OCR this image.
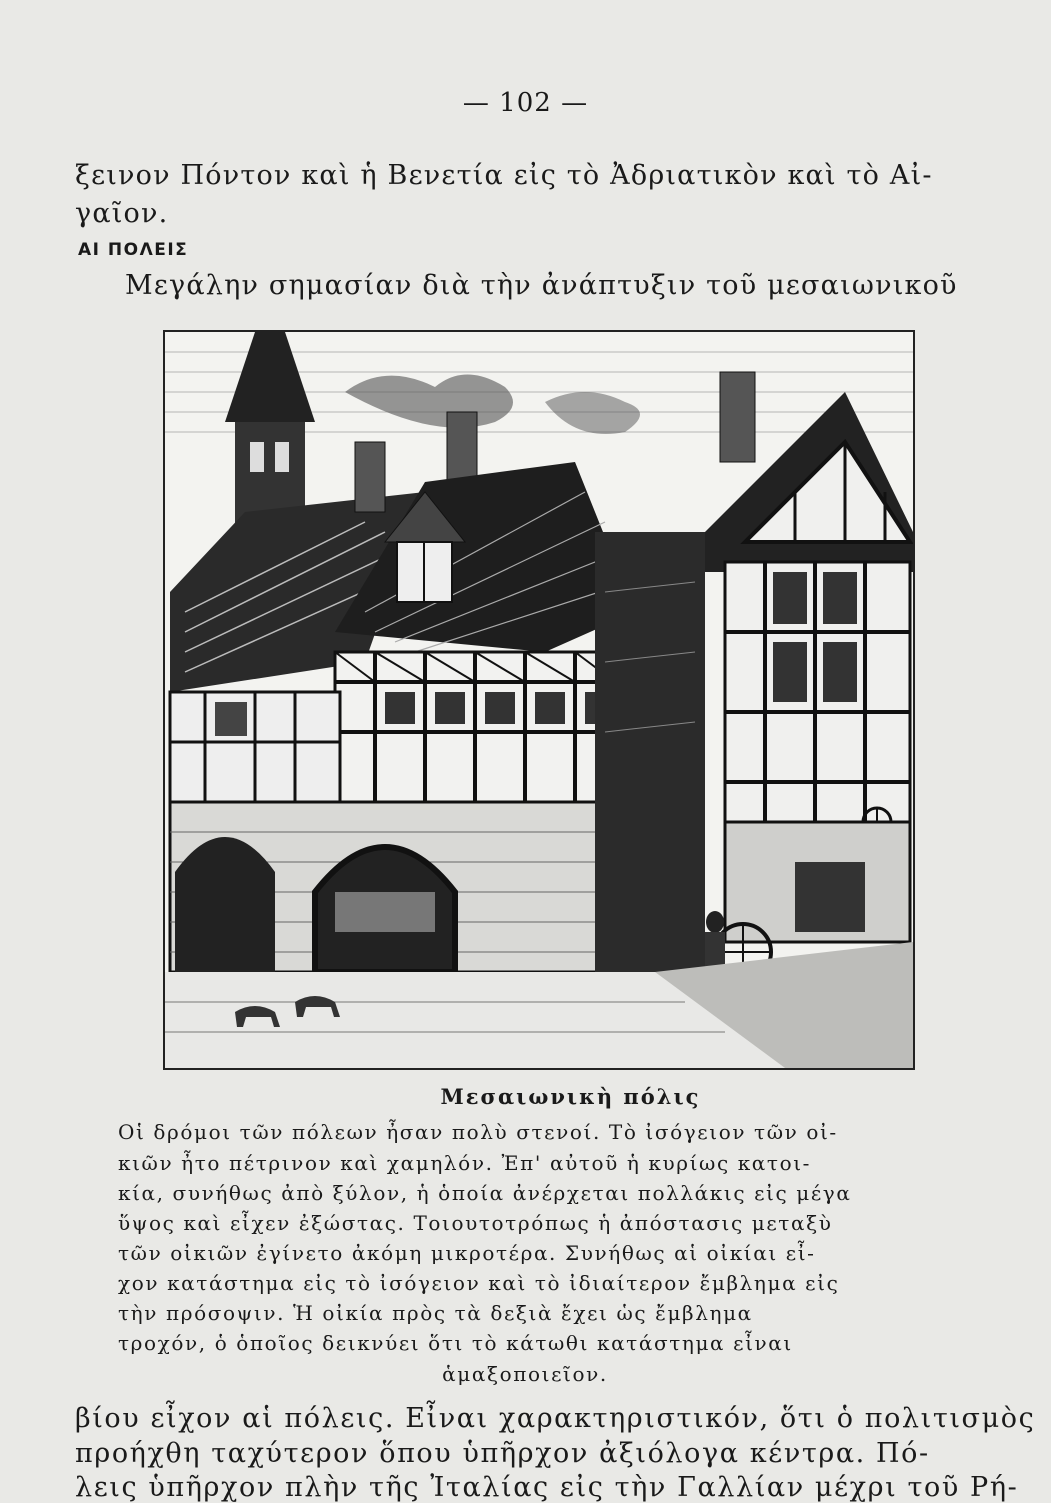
— 102 —
ξεινον Πόντον καὶ ἡ Βενετία εἰς τὸ Ἀδριατικὸν καὶ τὸ Αἰ-
γαῖον.
ΑΙ ΠΟΛΕΙΣ
Μεγάλην σημασίαν διὰ τὴν ἀνάπτυξιν τοῦ μεσαιωνικοῦ
Μεσαιωνικὴ πόλις
Οἱ δρόμοι τῶν πόλεων ἦσαν πολὺ στενοί. Τὸ ἰσόγειον τῶν οἰ-
κιῶν ἦτο πέτρινον καὶ χαμηλόν. Ἐπ' αὐτοῦ ἡ κυρίως κατοι-
κία, συνήθως ἀπὸ ξύλον, ἡ ὁποία ἀνέρχεται πολλάκις εἰς μέγα
ὕψος καὶ εἶχεν ἐξώστας. Τοιουτοτρόπως ἡ ἀπόστασις μεταξὺ
τῶν οἰκιῶν ἐγίνετο ἀκόμη μικροτέρα. Συνήθως αἱ οἰκίαι εἶ-
χον κατάστημα εἰς τὸ ἰσόγειον καὶ τὸ ἰδιαίτερον ἔμβλημα εἰς
τὴν πρόσοψιν. Ἡ οἰκία πρὸς τὰ δεξιὰ ἔχει ὡς ἔμβλημα
τροχόν, ὁ ὁποῖος δεικνύει ὅτι τὸ κάτωθι κατάστημα εἶναι
ἁμαξοποιεῖον.
βίου εἶχον αἱ πόλεις. Εἶναι χαρακτηριστικόν, ὅτι ὁ πολιτισμὸς
προήχθη ταχύτερον ὅπου ὑπῆρχον ἀξιόλογα κέντρα. Πό-
λεις ὑπῆρχον πλὴν τῆς Ἰταλίας εἰς τὴν Γαλλίαν μέχρι τοῦ Ρή-
